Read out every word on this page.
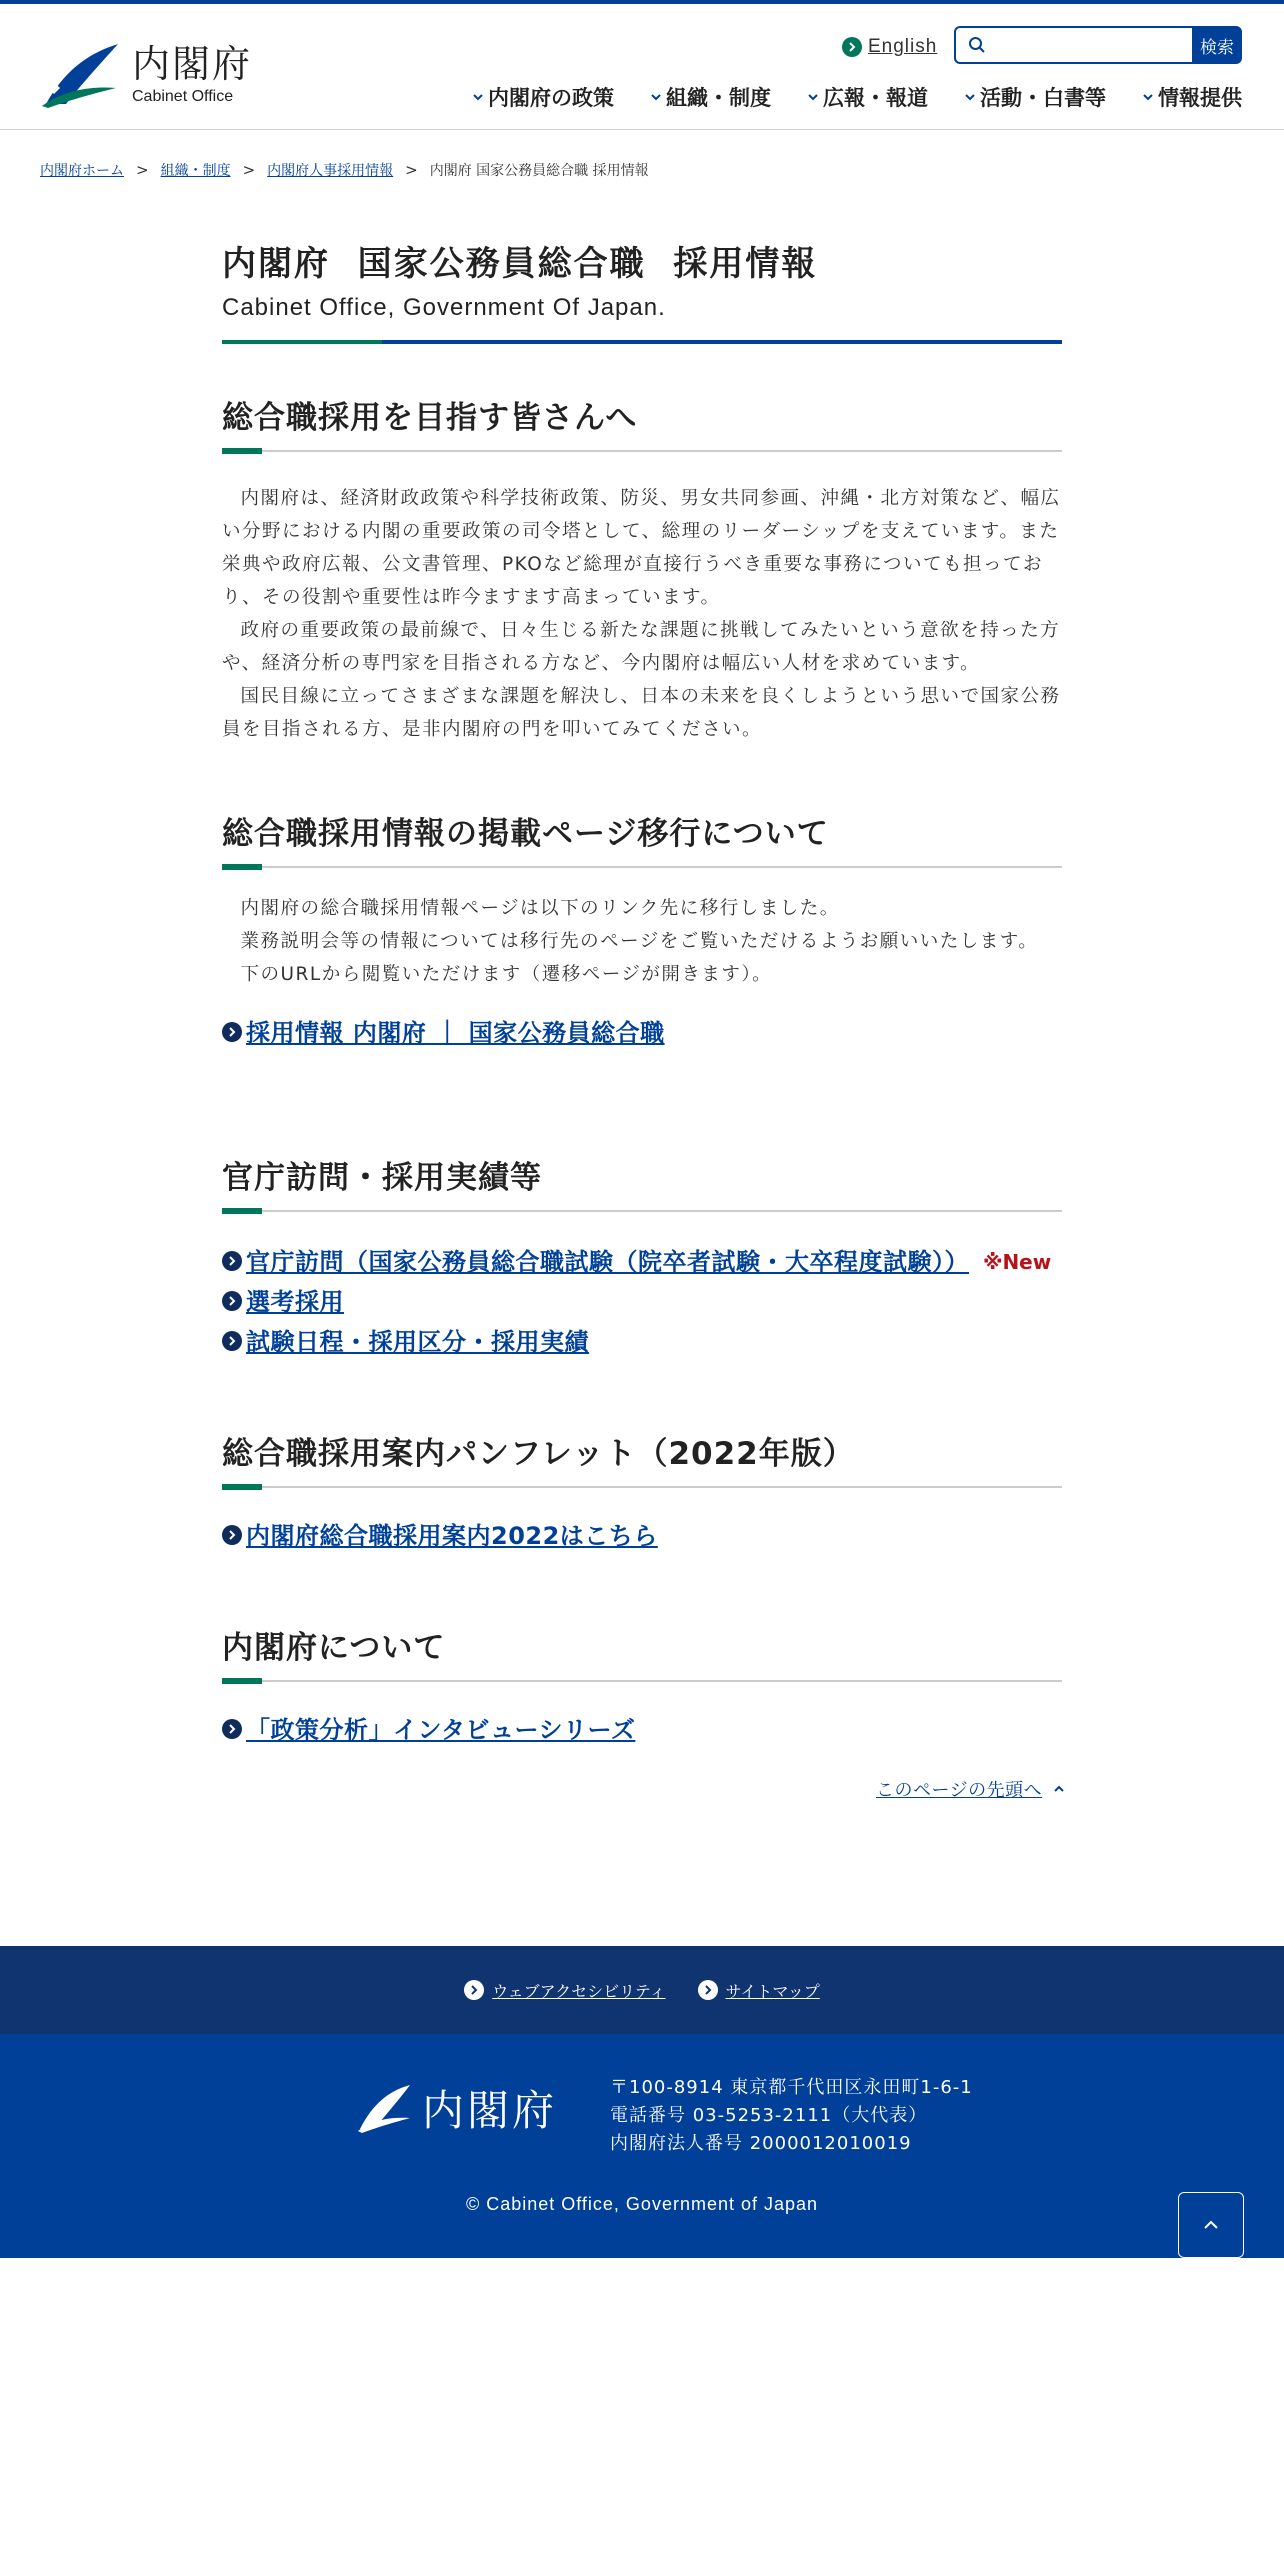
内閣府
Cabinet Office
English	検索
内閣府の政策 組織・制度 広報・報道 活動・白書等 情報提供
内閣府ホーム > 組織・制度 > 内閣府人事採用情報 > 内閣府 国家公務員総合職 採用情報
内閣府  国家公務員総合職  採用情報
Cabinet Office, Government Of Japan.
総合職採用を目指す皆さんへ

内閣府は、経済財政政策や科学技術政策、防災、男女共同参画、沖縄・北方対策など、幅広い分野における内閣の重要政策の司令塔として、総理のリーダーシップを支えています。また栄典や政府広報、公文書管理、PKOなど総理が直接行うべき重要な事務についても担っており、その役割や重要性は昨今ますます高まっています。

政府の重要政策の最前線で、日々生じる新たな課題に挑戦してみたいという意欲を持った方や、経済分析の専門家を目指される方など、今内閣府は幅広い人材を求めています。

国民目線に立ってさまざまな課題を解決し、日本の未来を良くしようという思いで国家公務員を目指される方、是非内閣府の門を叩いてみてください。

総合職採用情報の掲載ページ移行について

内閣府の総合職採用情報ページは以下のリンク先に移行しました。

業務説明会等の情報については移行先のページをご覧いただけるようお願いいたします。

下のURLから閲覧いただけます（遷移ページが開きます）。

採用情報 内閣府 ｜ 国家公務員総合職
官庁訪問・採用実績等
官庁訪問（国家公務員総合職試験（院卒者試験・大卒程度試験）） ※New
選考採用
試験日程・採用区分・採用実績
総合職採用案内パンフレット（2022年版）
内閣府総合職採用案内2022はこちら
内閣府について
「政策分析」インタビューシリーズ
このページの先頭へ
ウェブアクセシビリティ	サイトマップ
内閣府	〒100-8914 東京都千代田区永田町1-6-1
電話番号 03-5253-2111（大代表）
内閣府法人番号 2000012010019
© Cabinet Office, Government of Japan
